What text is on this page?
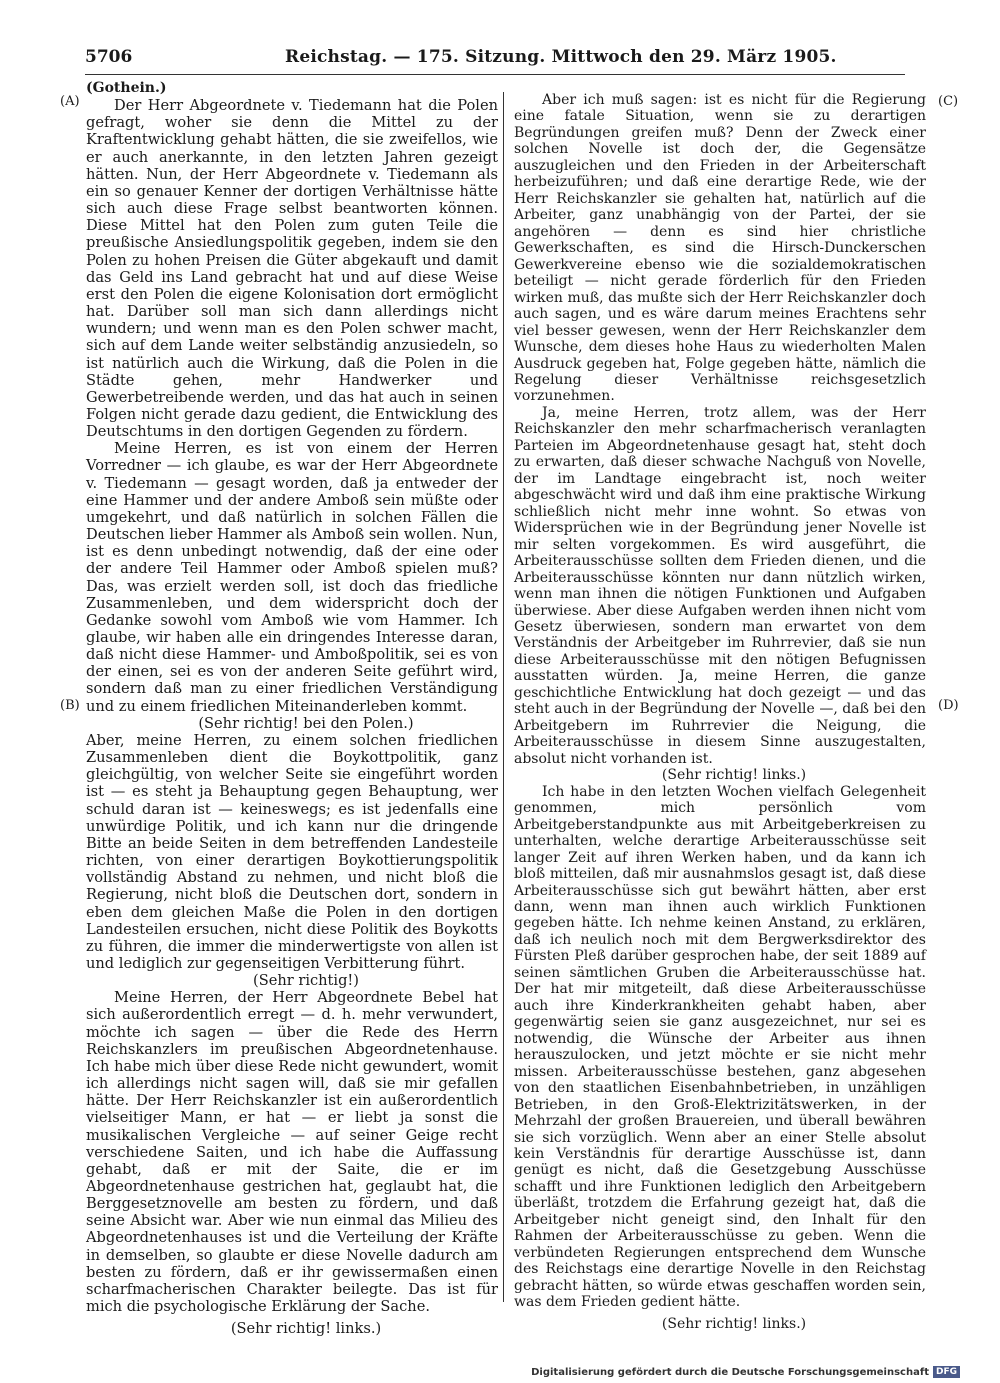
5706	Reichstag. — 175. Sitzung. Mittwoch den 29. März 1905.
(A)
(B)
(C)
(D)

(Gothein.)

Der Herr Abgeordnete v. Tiedemann hat die Polen gefragt, woher sie denn die Mittel zu der Kraftentwicklung gehabt hätten, die sie zweifellos, wie er auch anerkannte, in den letzten Jahren gezeigt hätten. Nun, der Herr Abgeordnete v. Tiedemann als ein so genauer Kenner der dortigen Verhältnisse hätte sich auch diese Frage selbst beantworten können. Diese Mittel hat den Polen zum guten Teile die preußische Ansiedlungspolitik gegeben, indem sie den Polen zu hohen Preisen die Güter abgekauft und damit das Geld ins Land gebracht hat und auf diese Weise erst den Polen die eigene Kolonisation dort ermöglicht hat. Darüber soll man sich dann allerdings nicht wundern; und wenn man es den Polen schwer macht, sich auf dem Lande weiter selbständig anzusiedeln, so ist natürlich auch die Wirkung, daß die Polen in die Städte gehen, mehr Handwerker und Gewerbetreibende werden, und das hat auch in seinen Folgen nicht gerade dazu gedient, die Entwicklung des Deutschtums in den dortigen Gegenden zu fördern.

Meine Herren, es ist von einem der Herren Vorredner — ich glaube, es war der Herr Abgeordnete v. Tiedemann — gesagt worden, daß ja entweder der eine Hammer und der andere Amboß sein müßte oder umgekehrt, und daß natürlich in solchen Fällen die Deutschen lieber Hammer als Amboß sein wollen. Nun, ist es denn unbedingt notwendig, daß der eine oder der andere Teil Hammer oder Amboß spielen muß? Das, was erzielt werden soll, ist doch das friedliche Zusammenleben, und dem widerspricht doch der Gedanke sowohl vom Amboß wie vom Hammer. Ich glaube, wir haben alle ein dringendes Interesse daran, daß nicht diese Hammer- und Amboßpolitik, sei es von der einen, sei es von der anderen Seite geführt wird, sondern daß man zu einer friedlichen Verständigung und zu einem friedlichen Miteinanderleben kommt.

(Sehr richtig! bei den Polen.)

Aber, meine Herren, zu einem solchen friedlichen Zusammenleben dient die Boykottpolitik, ganz gleichgültig, von welcher Seite sie eingeführt worden ist — es steht ja Behauptung gegen Behauptung, wer schuld daran ist — keineswegs; es ist jedenfalls eine unwürdige Politik, und ich kann nur die dringende Bitte an beide Seiten in dem betreffenden Landesteile richten, von einer derartigen Boykottierungspolitik vollständig Abstand zu nehmen, und nicht bloß die Regierung, nicht bloß die Deutschen dort, sondern in eben dem gleichen Maße die Polen in den dortigen Landesteilen ersuchen, nicht diese Politik des Boykotts zu führen, die immer die minderwertigste von allen ist und lediglich zur gegenseitigen Verbitterung führt.

(Sehr richtig!)

Meine Herren, der Herr Abgeordnete Bebel hat sich außerordentlich erregt — d. h. mehr verwundert, möchte ich sagen — über die Rede des Herrn Reichskanzlers im preußischen Abgeordnetenhause. Ich habe mich über diese Rede nicht gewundert, womit ich allerdings nicht sagen will, daß sie mir gefallen hätte. Der Herr Reichskanzler ist ein außerordentlich vielseitiger Mann, er hat — er liebt ja sonst die musikalischen Vergleiche — auf seiner Geige recht verschiedene Saiten, und ich habe die Auffassung gehabt, daß er mit der Saite, die er im Abgeordnetenhause gestrichen hat, geglaubt hat, die Berggesetznovelle am besten zu fördern, und daß seine Absicht war. Aber wie nun einmal das Milieu des Abgeordnetenhauses ist und die Verteilung der Kräfte in demselben, so glaubte er diese Novelle dadurch am besten zu fördern, daß er ihr gewissermaßen einen scharfmacherischen Charakter beilegte. Das ist für mich die psychologische Erklärung der Sache.

(Sehr richtig! links.)

Aber ich muß sagen: ist es nicht für die Regierung eine fatale Situation, wenn sie zu derartigen Begründungen greifen muß? Denn der Zweck einer solchen Novelle ist doch der, die Gegensätze auszugleichen und den Frieden in der Arbeiterschaft herbeizuführen; und daß eine derartige Rede, wie der Herr Reichskanzler sie gehalten hat, natürlich auf die Arbeiter, ganz unabhängig von der Partei, der sie angehören — denn es sind hier christliche Gewerkschaften, es sind die Hirsch-Dunckerschen Gewerkvereine ebenso wie die sozialdemokratischen beteiligt — nicht gerade förderlich für den Frieden wirken muß, das mußte sich der Herr Reichskanzler doch auch sagen, und es wäre darum meines Erachtens sehr viel besser gewesen, wenn der Herr Reichskanzler dem Wunsche, dem dieses hohe Haus zu wiederholten Malen Ausdruck gegeben hat, Folge gegeben hätte, nämlich die Regelung dieser Verhältnisse reichsgesetzlich vorzunehmen.

Ja, meine Herren, trotz allem, was der Herr Reichskanzler den mehr scharfmacherisch veranlagten Parteien im Abgeordnetenhause gesagt hat, steht doch zu erwarten, daß dieser schwache Nachguß von Novelle, der im Landtage eingebracht ist, noch weiter abgeschwächt wird und daß ihm eine praktische Wirkung schließlich nicht mehr inne wohnt. So etwas von Widersprüchen wie in der Begründung jener Novelle ist mir selten vorgekommen. Es wird ausgeführt, die Arbeiterausschüsse sollten dem Frieden dienen, und die Arbeiterausschüsse könnten nur dann nützlich wirken, wenn man ihnen die nötigen Funktionen und Aufgaben überwiese. Aber diese Aufgaben werden ihnen nicht vom Gesetz überwiesen, sondern man erwartet von dem Verständnis der Arbeitgeber im Ruhrrevier, daß sie nun diese Arbeiterausschüsse mit den nötigen Befugnissen ausstatten würden. Ja, meine Herren, die ganze geschichtliche Entwicklung hat doch gezeigt — und das steht auch in der Begründung der Novelle —, daß bei den Arbeitgebern im Ruhrrevier die Neigung, die Arbeiterausschüsse in diesem Sinne auszugestalten, absolut nicht vorhanden ist.

(Sehr richtig! links.)

Ich habe in den letzten Wochen vielfach Gelegenheit genommen, mich persönlich vom Arbeitgeberstandpunkte aus mit Arbeitgeberkreisen zu unterhalten, welche derartige Arbeiterausschüsse seit langer Zeit auf ihren Werken haben, und da kann ich bloß mitteilen, daß mir ausnahmslos gesagt ist, daß diese Arbeiterausschüsse sich gut bewährt hätten, aber erst dann, wenn man ihnen auch wirklich Funktionen gegeben hätte. Ich nehme keinen Anstand, zu erklären, daß ich neulich noch mit dem Bergwerksdirektor des Fürsten Pleß darüber gesprochen habe, der seit 1889 auf seinen sämtlichen Gruben die Arbeiterausschüsse hat. Der hat mir mitgeteilt, daß diese Arbeiterausschüsse auch ihre Kinderkrankheiten gehabt haben, aber gegenwärtig seien sie ganz ausgezeichnet, nur sei es notwendig, die Wünsche der Arbeiter aus ihnen herauszulocken, und jetzt möchte er sie nicht mehr missen. Arbeiterausschüsse bestehen, ganz abgesehen von den staatlichen Eisenbahnbetrieben, in unzähligen Betrieben, in den Groß-Elektrizitätswerken, in der Mehrzahl der großen Brauereien, und überall bewähren sie sich vorzüglich. Wenn aber an einer Stelle absolut kein Verständnis für derartige Ausschüsse ist, dann genügt es nicht, daß die Gesetzgebung Ausschüsse schafft und ihre Funktionen lediglich den Arbeitgebern überläßt, trotzdem die Erfahrung gezeigt hat, daß die Arbeitgeber nicht geneigt sind, den Inhalt für den Rahmen der Arbeiterausschüsse zu geben. Wenn die verbündeten Regierungen entsprechend dem Wunsche des Reichstags eine derartige Novelle in den Reichstag gebracht hätten, so würde etwas geschaffen worden sein, was dem Frieden gedient hätte.

(Sehr richtig! links.)

Digitalisierung gefördert durch die Deutsche Forschungsgemeinschaft DFG
